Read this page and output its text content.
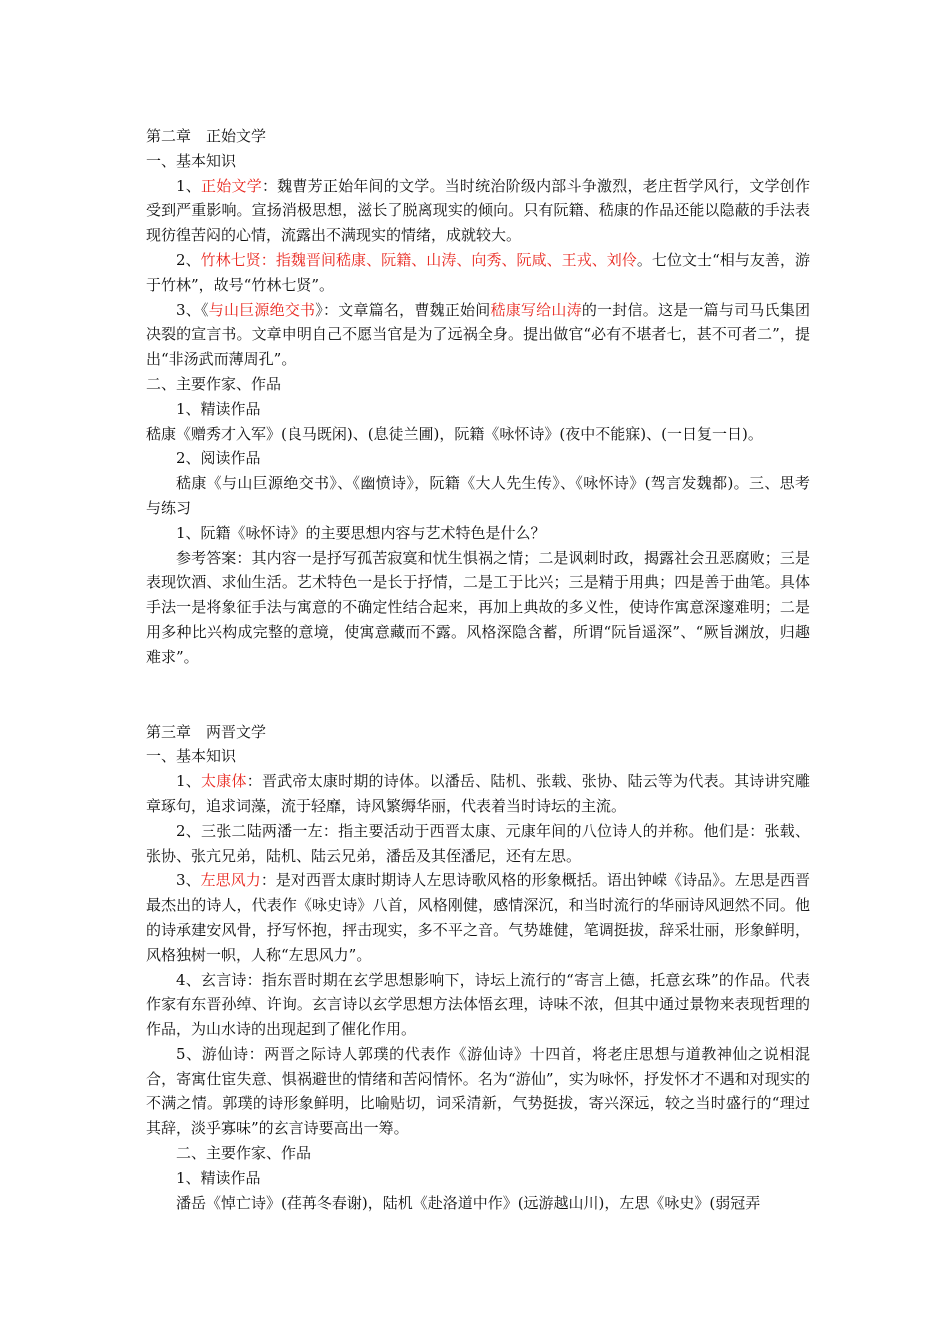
第二章　正始文学

一、基本知识

1、正始文学：魏曹芳正始年间的文学。当时统治阶级内部斗争激烈，老庄哲学风行，文学创作受到严重影响。宣扬消极思想，滋长了脱离现实的倾向。只有阮籍、嵇康的作品还能以隐蔽的手法表现彷徨苦闷的心情，流露出不满现实的情绪，成就较大。

2、竹林七贤：指魏晋间嵇康、阮籍、山涛、向秀、阮咸、王戎、刘伶。七位文士“相与友善，游于竹林”，故号“竹林七贤”。

3、《与山巨源绝交书》：文章篇名，曹魏正始间嵇康写给山涛的一封信。这是一篇与司马氏集团决裂的宣言书。文章申明自己不愿当官是为了远祸全身。提出做官“必有不堪者七，甚不可者二”，提出“非汤武而薄周孔”。

二、主要作家、作品

1、精读作品

嵇康《赠秀才入军》(良马既闲)、(息徒兰圃)，阮籍《咏怀诗》(夜中不能寐)、(一日复一日)。

2、阅读作品

嵇康《与山巨源绝交书》、《幽愤诗》，阮籍《大人先生传》、《咏怀诗》(驾言发魏都)。三、思考与练习

1、阮籍《咏怀诗》的主要思想内容与艺术特色是什么？

参考答案：其内容一是抒写孤苦寂寞和忧生惧祸之情；二是讽刺时政，揭露社会丑恶腐败；三是表现饮酒、求仙生活。艺术特色一是长于抒情，二是工于比兴；三是精于用典；四是善于曲笔。具体手法一是将象征手法与寓意的不确定性结合起来，再加上典故的多义性，使诗作寓意深邃难明；二是用多种比兴构成完整的意境，使寓意藏而不露。风格深隐含蓄，所谓“阮旨遥深”、“厥旨渊放，归趣难求”。

第三章　两晋文学

一、基本知识

1、太康体：晋武帝太康时期的诗体。以潘岳、陆机、张载、张协、陆云等为代表。其诗讲究雕章琢句，追求词藻，流于轻靡，诗风繁缛华丽，代表着当时诗坛的主流。

2、三张二陆两潘一左：指主要活动于西晋太康、元康年间的八位诗人的并称。他们是：张载、张协、张亢兄弟，陆机、陆云兄弟，潘岳及其侄潘尼，还有左思。

3、左思风力：是对西晋太康时期诗人左思诗歌风格的形象概括。语出钟嵘《诗品》。左思是西晋最杰出的诗人，代表作《咏史诗》八首，风格刚健，感情深沉，和当时流行的华丽诗风迥然不同。他的诗承建安风骨，抒写怀抱，抨击现实，多不平之音。气势雄健，笔调挺拔，辞采壮丽，形象鲜明，风格独树一帜，人称“左思风力”。

4、玄言诗：指东晋时期在玄学思想影响下，诗坛上流行的“寄言上德，托意玄珠”的作品。代表作家有东晋孙绰、许询。玄言诗以玄学思想方法体悟玄理，诗味不浓，但其中通过景物来表现哲理的作品，为山水诗的出现起到了催化作用。

5、游仙诗：两晋之际诗人郭璞的代表作《游仙诗》十四首，将老庄思想与道教神仙之说相混合，寄寓仕宦失意、惧祸避世的情绪和苦闷情怀。名为“游仙”，实为咏怀，抒发怀才不遇和对现实的不满之情。郭璞的诗形象鲜明，比喻贴切，词采清新，气势挺拔，寄兴深远，较之当时盛行的“理过其辞，淡乎寡味”的玄言诗要高出一筹。

二、主要作家、作品

1、精读作品

潘岳《悼亡诗》(荏苒冬春谢)，陆机《赴洛道中作》(远游越山川)，左思《咏史》(弱冠弄
